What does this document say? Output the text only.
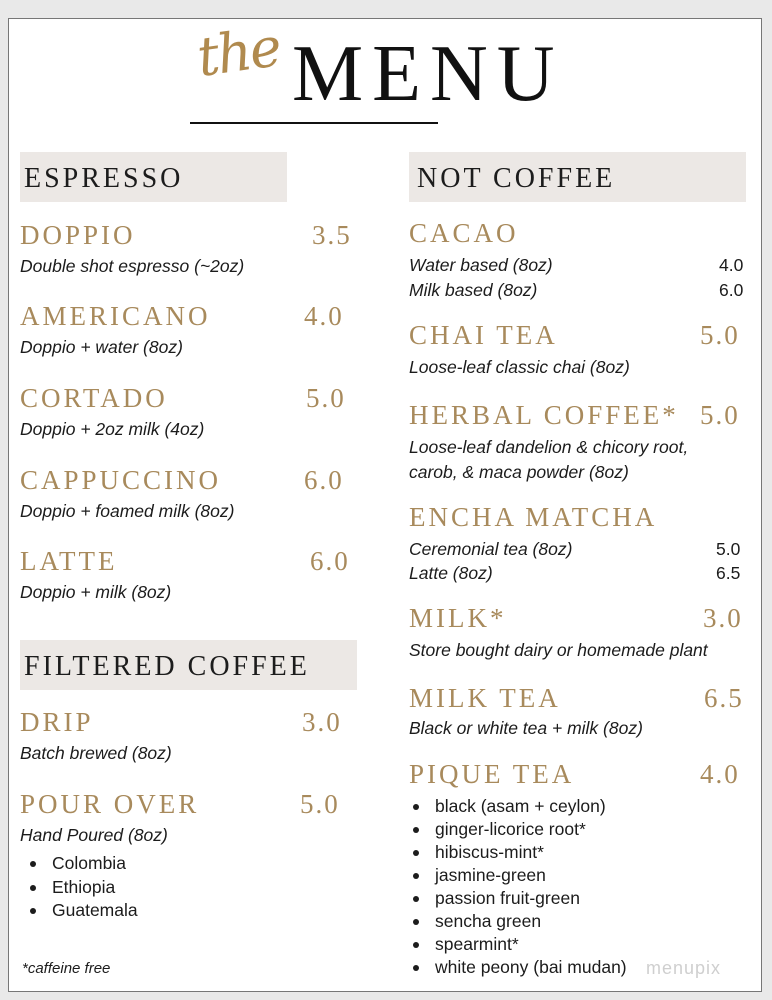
the MENU
ESPRESSO
DOPPIO	3.5
Double shot espresso (~2oz)
AMERICANO	4.0
Doppio + water (8oz)
CORTADO	5.0
Doppio + 2oz milk (4oz)
CAPPUCCINO	6.0
Doppio + foamed milk (8oz)
LATTE	6.0
Doppio + milk (8oz)
FILTERED COFFEE
DRIP	3.0
Batch brewed (8oz)
POUR OVER	5.0
Hand Poured (8oz)
Colombia
Ethiopia
Guatemala
NOT COFFEE
CACAO
Water based (8oz)	4.0
Milk based (8oz)	6.0
CHAI TEA	5.0
Loose-leaf classic chai (8oz)
HERBAL COFFEE* 5.0
Loose-leaf dandelion & chicory root,
carob, & maca powder (8oz)
ENCHA MATCHA
Ceremonial tea (8oz)	5.0
Latte (8oz)	6.5
MILK*	3.0
Store bought dairy or homemade plant
MILK TEA	6.5
Black or white tea + milk (8oz)
PIQUE TEA	4.0
black (asam + ceylon)
ginger-licorice root*
hibiscus-mint*
jasmine-green
passion fruit-green
sencha green
spearmint*
white peony (bai mudan)
*caffeine free	menupix
